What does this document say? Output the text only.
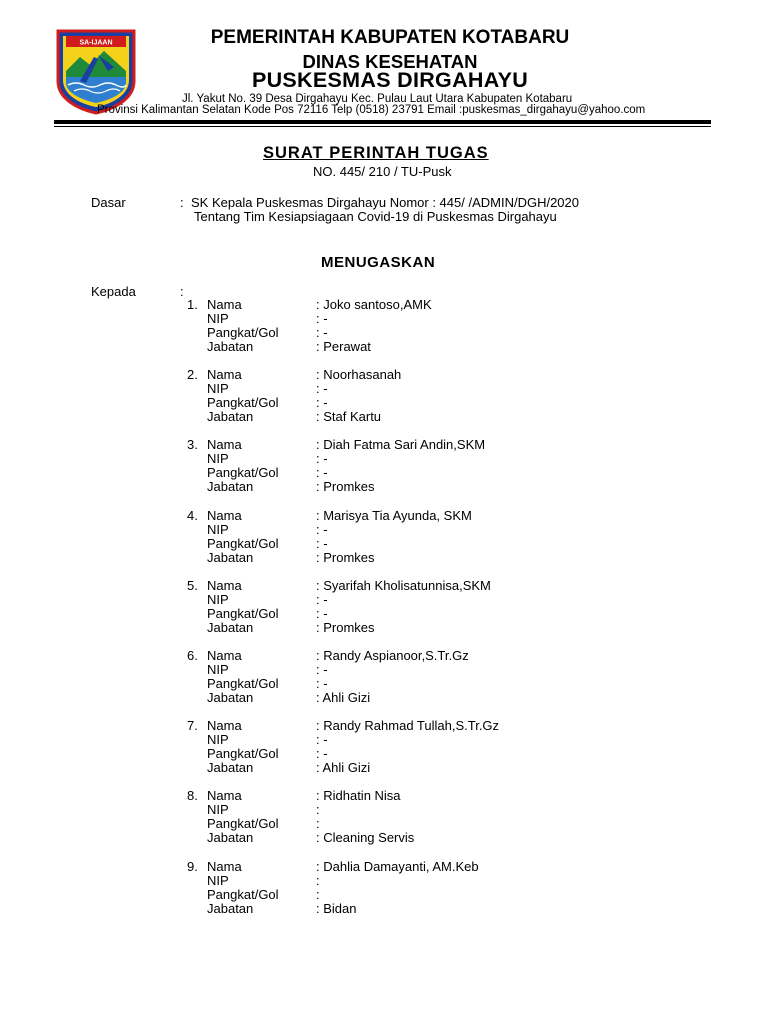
SA-IJAAN	PEMERINTAH KABUPATEN KOTABARU
DINAS KESEHATAN
PUSKESMAS DIRGAHAYU
Jl. Yakut No. 39 Desa Dirgahayu Kec. Pulau Laut Utara Kabupaten Kotabaru
Provinsi Kalimantan Selatan Kode Pos 72116 Telp (0518) 23791 Email :puskesmas_dirgahayu@yahoo.com
SURAT PERINTAH TUGAS
NO. 445/ 210 / TU-Pusk
Dasar	: SK Kepala Puskesmas Dirgahayu Nomor : 445/ /ADMIN/DGH/2020
Tentang Tim Kesiapsiagaan Covid-19 di Puskesmas Dirgahayu
MENUGASKAN
Kepada	:
1. Nama	: Joko santoso,AMK
NIP	: -
Pangkat/Gol	: -
Jabatan	: Perawat
2. Nama	: Noorhasanah
NIP	: -
Pangkat/Gol	: -
Jabatan	: Staf Kartu
3. Nama	: Diah Fatma Sari Andin,SKM
NIP	: -
Pangkat/Gol	: -
Jabatan	: Promkes
4. Nama	: Marisya Tia Ayunda, SKM
NIP	: -
Pangkat/Gol	: -
Jabatan	: Promkes
5. Nama	: Syarifah Kholisatunnisa,SKM
NIP	: -
Pangkat/Gol	: -
Jabatan	: Promkes
6. Nama	: Randy Aspianoor,S.Tr.Gz
NIP	: -
Pangkat/Gol	: -
Jabatan	: Ahli Gizi
7. Nama	: Randy Rahmad Tullah,S.Tr.Gz
NIP	: -
Pangkat/Gol	: -
Jabatan	: Ahli Gizi
8. Nama	: Ridhatin Nisa
NIP	:
Pangkat/Gol	:
Jabatan	: Cleaning Servis
9. Nama	: Dahlia Damayanti, AM.Keb
NIP	:
Pangkat/Gol	:
Jabatan	: Bidan
